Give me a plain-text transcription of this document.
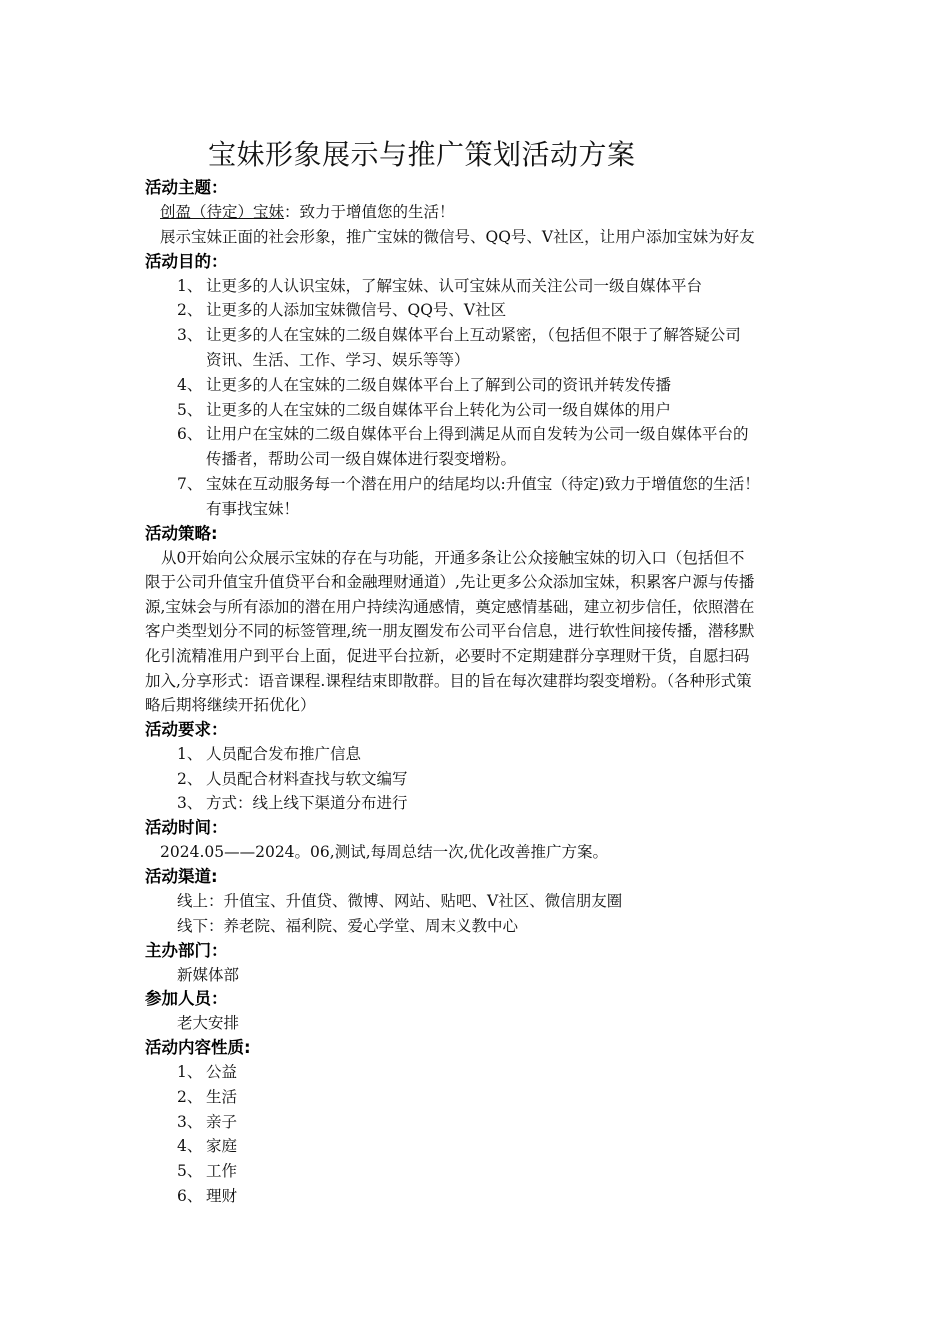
宝妹形象展示与推广策划活动方案
活动主题：
创盈（待定）宝妹：致力于增值您的生活！
展示宝妹正面的社会形象，推广宝妹的微信号、QQ号、V社区，让用户添加宝妹为好友
活动目的：
1、 让更多的人认识宝妹，了解宝妹、认可宝妹从而关注公司一级自媒体平台
2、 让更多的人添加宝妹微信号、QQ号、V社区
3、 让更多的人在宝妹的二级自媒体平台上互动紧密，（包括但不限于了解答疑公司
资讯、生活、工作、学习、娱乐等等）
4、 让更多的人在宝妹的二级自媒体平台上了解到公司的资讯并转发传播
5、 让更多的人在宝妹的二级自媒体平台上转化为公司一级自媒体的用户
6、 让用户在宝妹的二级自媒体平台上得到满足从而自发转为公司一级自媒体平台的
传播者，帮助公司一级自媒体进行裂变增粉。
7、 宝妹在互动服务每一个潜在用户的结尾均以:升值宝（待定)致力于增值您的生活！
有事找宝妹！
活动策略:
从0开始向公众展示宝妹的存在与功能，开通多条让公众接触宝妹的切入口（包括但不
限于公司升值宝升值贷平台和金融理财通道）,先让更多公众添加宝妹，积累客户源与传播
源,宝妹会与所有添加的潜在用户持续沟通感情，奠定感情基础，建立初步信任，依照潜在
客户类型划分不同的标签管理,统一朋友圈发布公司平台信息，进行软性间接传播，潜移默
化引流精准用户到平台上面，促进平台拉新，必要时不定期建群分享理财干货，自愿扫码
加入,分享形式：语音课程.课程结束即散群。目的旨在每次建群均裂变增粉。（各种形式策
略后期将继续开拓优化）
活动要求：
1、 人员配合发布推广信息
2、 人员配合材料查找与软文编写
3、 方式：线上线下渠道分布进行
活动时间：
2024.05——2024。06,测试,每周总结一次,优化改善推广方案。
活动渠道:
线上：升值宝、升值贷、微博、网站、贴吧、V社区、微信朋友圈
线下：养老院、福利院、爱心学堂、周末义教中心
主办部门：
新媒体部
参加人员：
老大安排
活动内容性质:
1、 公益
2、 生活
3、 亲子
4、 家庭
5、 工作
6、 理财
